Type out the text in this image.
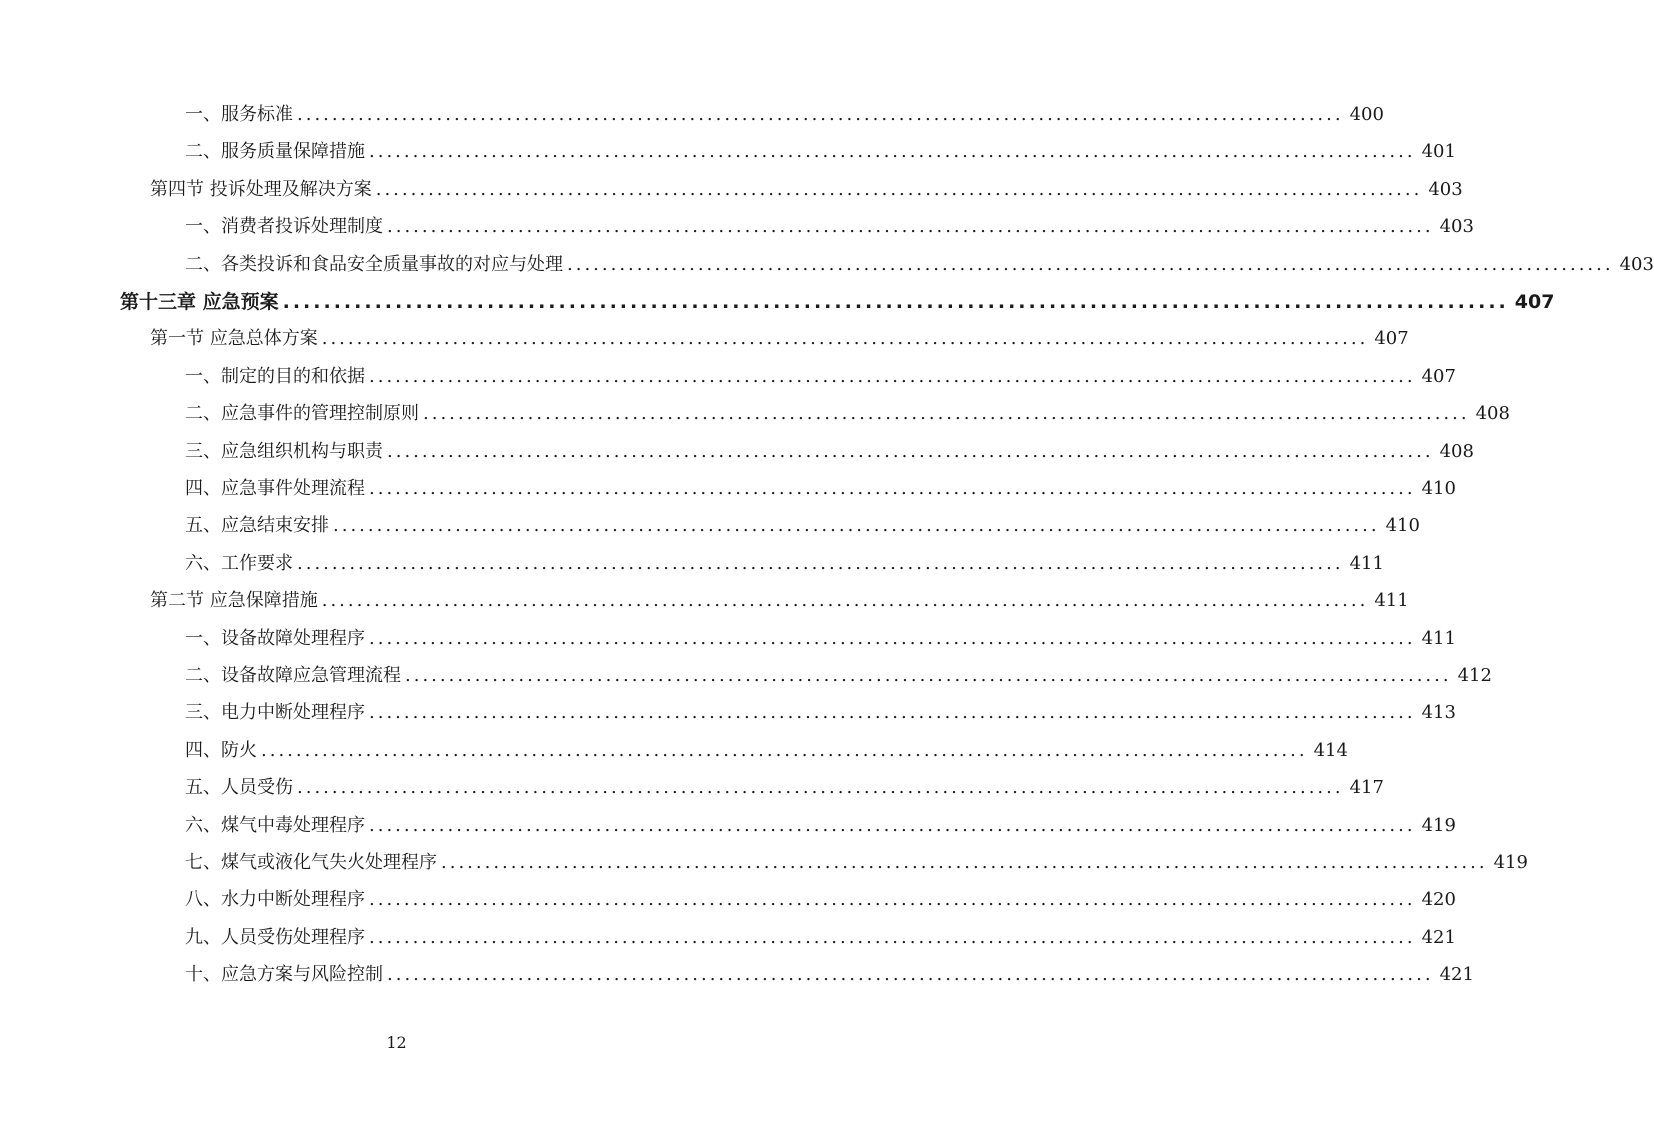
一、服务标准 ........................................................................................................................ 400
二、服务质量保障措施 ........................................................................................................................ 401
第四节 投诉处理及解决方案 ........................................................................................................................ 403
一、消费者投诉处理制度 ........................................................................................................................ 403
二、各类投诉和食品安全质量事故的对应与处理 ........................................................................................................................ 403
第十三章 应急预案 ........................................................................................................................ 407
第一节 应急总体方案 ........................................................................................................................ 407
一、制定的目的和依据 ........................................................................................................................ 407
二、应急事件的管理控制原则 ........................................................................................................................ 408
三、应急组织机构与职责 ........................................................................................................................ 408
四、应急事件处理流程 ........................................................................................................................ 410
五、应急结束安排 ........................................................................................................................ 410
六、工作要求 ........................................................................................................................ 411
第二节 应急保障措施 ........................................................................................................................ 411
一、设备故障处理程序 ........................................................................................................................ 411
二、设备故障应急管理流程 ........................................................................................................................ 412
三、电力中断处理程序 ........................................................................................................................ 413
四、防火 ........................................................................................................................ 414
五、人员受伤 ........................................................................................................................ 417
六、煤气中毒处理程序 ........................................................................................................................ 419
七、煤气或液化气失火处理程序 ........................................................................................................................ 419
八、水力中断处理程序 ........................................................................................................................ 420
九、人员受伤处理程序 ........................................................................................................................ 421
十、应急方案与风险控制 ........................................................................................................................ 421
12
